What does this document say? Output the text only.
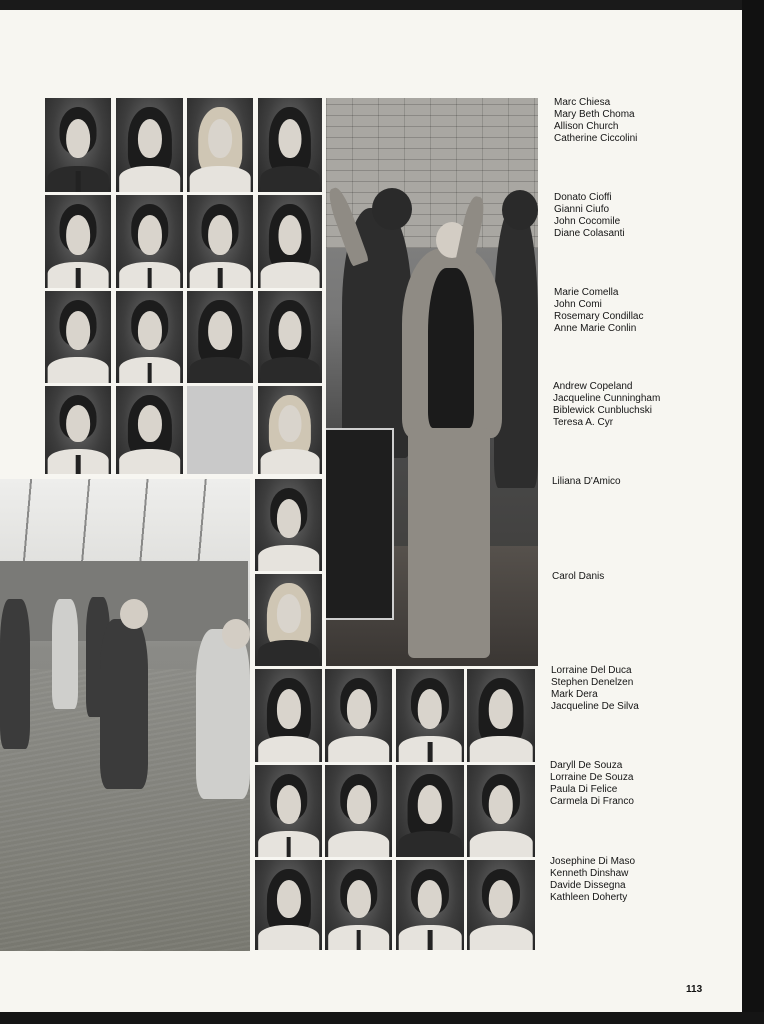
Marc Chiesa
Mary Beth Choma
Allison Church
Catherine Ciccolini
Donato Cioffi
Gianni Ciufo
John Cocomile
Diane Colasanti
Marie Comella
John Comi
Rosemary Condillac
Anne Marie Conlin
Andrew Copeland
Jacqueline Cunningham
Biblewick Cunbluchski
Teresa A. Cyr
Liliana D'Amico
Carol Danis
Lorraine Del Duca
Stephen Denelzen
Mark Dera
Jacqueline De Silva
Daryll De Souza
Lorraine De Souza
Paula Di Felice
Carmela Di Franco
Josephine Di Maso
Kenneth Dinshaw
Davide Dissegna
Kathleen Doherty
113
